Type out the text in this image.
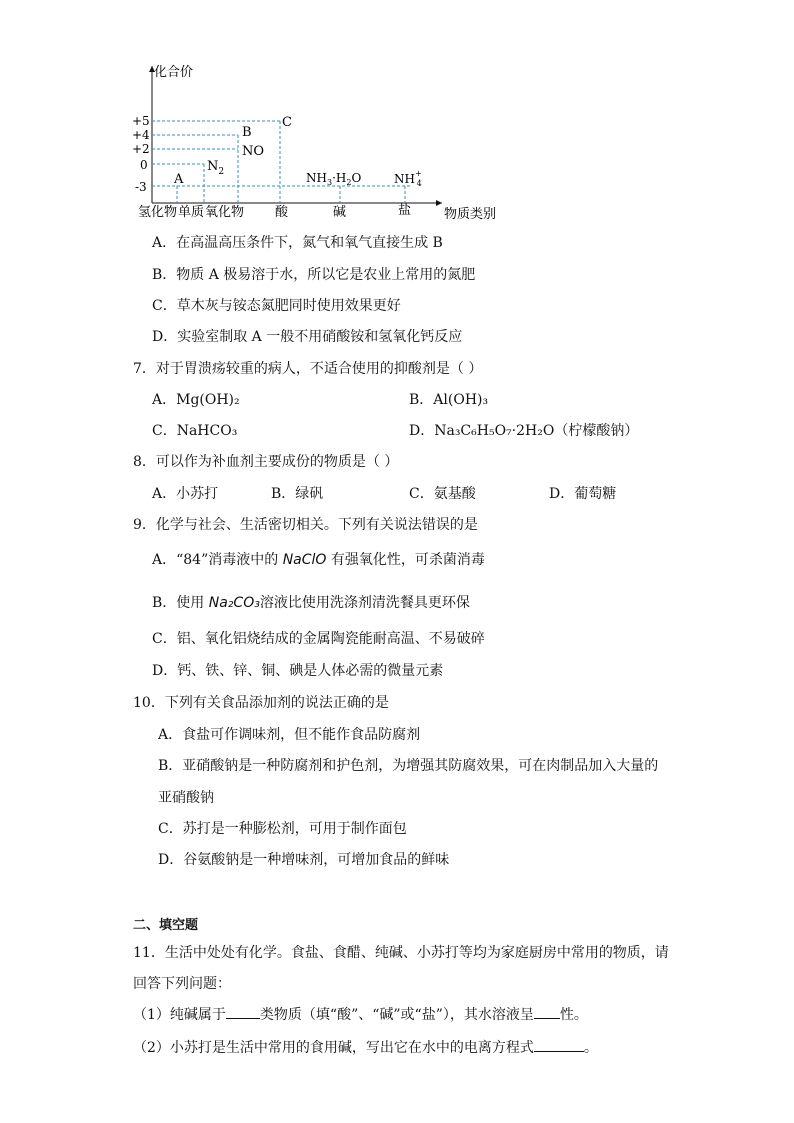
化合价
+5
+4
+2
0
-3 A
$N_2$
B
NO
C
$NH_3\cdot H_2O$	NH+ 4
氢化物 单质 氧化物 酸	碱	盐	物质类别
A．在高温高压条件下，氮气和氧气直接生成 B
B．物质 A 极易溶于水，所以它是农业上常用的氮肥
C．草木灰与铵态氮肥同时使用效果更好
D．实验室制取 A 一般不用硝酸铵和氢氧化钙反应
7．对于胃溃疡较重的病人，不适合使用的抑酸剂是（ ）
A．Mg(OH)₂	B．Al(OH)₃
C．NaHCO₃	D．Na₃C₆H₅O₇·2H₂O（柠檬酸钠）
8．可以作为补血剂主要成份的物质是（ ）
A．小苏打	B．绿矾	C．氨基酸	D．葡萄糖
9．化学与社会、生活密切相关。下列有关说法错误的是
A．“84”消毒液中的 NaClO 有强氧化性，可杀菌消毒
B．使用 Na₂CO₃溶液比使用洗涤剂清洗餐具更环保
C．铝、氧化铝烧结成的金属陶瓷能耐高温、不易破碎
D．钙、铁、锌、铜、碘是人体必需的微量元素
10．下列有关食品添加剂的说法正确的是
A．食盐可作调味剂，但不能作食品防腐剂
B．亚硝酸钠是一种防腐剂和护色剂，为增强其防腐效果，可在肉制品加入大量的
亚硝酸钠
C．苏打是一种膨松剂，可用于制作面包
D．谷氨酸钠是一种增味剂，可增加食品的鲜味
二、填空题
11．生活中处处有化学。食盐、食醋、纯碱、小苏打等均为家庭厨房中常用的物质，请
回答下列问题：
（1）纯碱属于 类物质（填“酸”、“碱”或“盐”），其水溶液呈 性。
（2）小苏打是生活中常用的食用碱，写出它在水中的电离方程式	。
